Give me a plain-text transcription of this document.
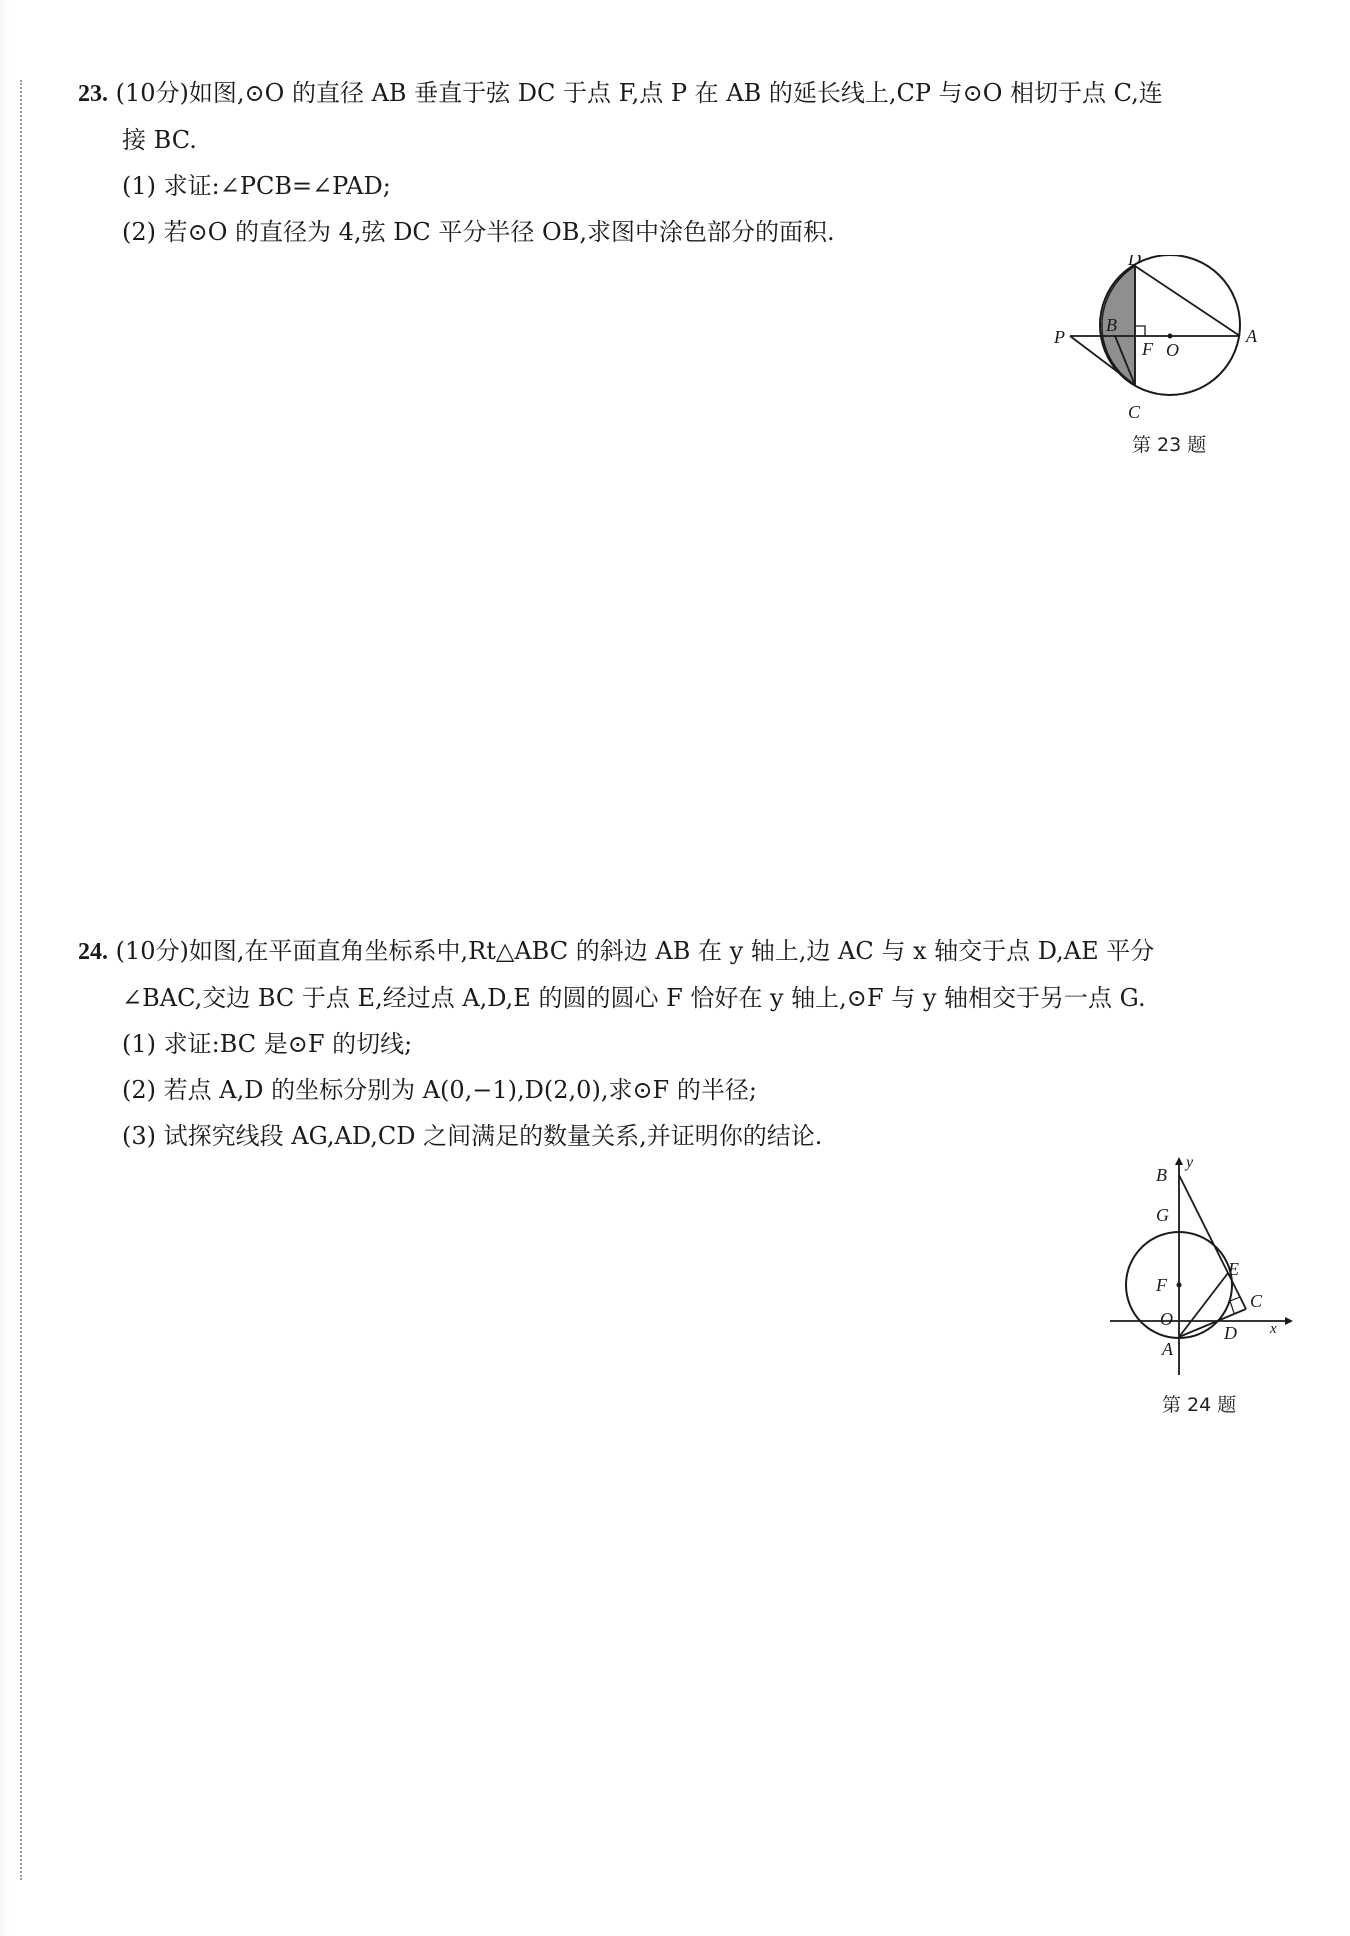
23. (10分)如图,⊙O 的直径 AB 垂直于弦 DC 于点 F,点 P 在 AB 的延长线上,CP 与⊙O 相切于点 C,连
接 BC.
(1) 求证:∠PCB=∠PAD;
(2) 若⊙O 的直径为 4,弦 DC 平分半径 OB,求图中涂色部分的面积.
D
B
P
F O
A
C
第 23 题
24. (10分)如图,在平面直角坐标系中,Rt△ABC 的斜边 AB 在 y 轴上,边 AC 与 x 轴交于点 D,AE 平分
∠BAC,交边 BC 于点 E,经过点 A,D,E 的圆的圆心 F 恰好在 y 轴上,⊙F 与 y 轴相交于另一点 G.
(1) 求证:BC 是⊙F 的切线;
(2) 若点 A,D 的坐标分别为 A(0,−1),D(2,0),求⊙F 的半径;
(3) 试探究线段 AG,AD,CD 之间满足的数量关系,并证明你的结论.
B
y
G
E
F
C
O
D x
A
第 24 题
